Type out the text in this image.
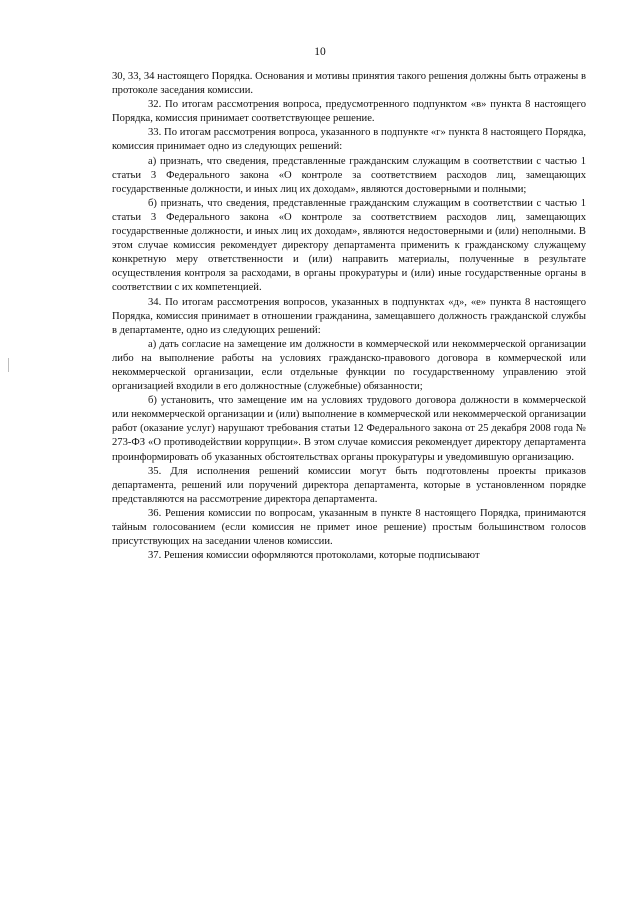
10

30, 33, 34 настоящего Порядка. Основания и мотивы принятия такого решения должны быть отражены в протоколе заседания комиссии.

32. По итогам рассмотрения вопроса, предусмотренного подпунктом «в» пункта 8 настоящего Порядка, комиссия принимает соответствующее решение.

33. По итогам рассмотрения вопроса, указанного в подпункте «г» пункта 8 настоящего Порядка, комиссия принимает одно из следующих решений:

а) признать, что сведения, представленные гражданским служащим в соответствии с частью 1 статьи 3 Федерального закона «О контроле за соответствием расходов лиц, замещающих государственные должности, и иных лиц их доходам», являются достоверными и полными;

б) признать, что сведения, представленные гражданским служащим в соответствии с частью 1 статьи 3 Федерального закона «О контроле за соответствием расходов лиц, замещающих государственные должности, и иных лиц их доходам», являются недостоверными и (или) неполными. В этом случае комиссия рекомендует директору департамента применить к гражданскому служащему конкретную меру ответственности и (или) направить материалы, полученные в результате осуществления контроля за расходами, в органы прокуратуры и (или) иные государственные органы в соответствии с их компетенцией.

34. По итогам рассмотрения вопросов, указанных в подпунктах «д», «е» пункта 8 настоящего Порядка, комиссия принимает в отношении гражданина, замещавшего должность гражданской службы в департаменте, одно из следующих решений:

а) дать согласие на замещение им должности в коммерческой или некоммерческой организации либо на выполнение работы на условиях гражданско-правового договора в коммерческой или некоммерческой организации, если отдельные функции по государственному управлению этой организацией входили в его должностные (служебные) обязанности;

б) установить, что замещение им на условиях трудового договора должности в коммерческой или некоммерческой организации и (или) выполнение в коммерческой или некоммерческой организации работ (оказание услуг) нарушают требования статьи 12 Федерального закона от 25 декабря 2008 года № 273-ФЗ «О противодействии коррупции». В этом случае комиссия рекомендует директору департамента проинформировать об указанных обстоятельствах органы прокуратуры и уведомившую организацию.

35. Для исполнения решений комиссии могут быть подготовлены проекты приказов департамента, решений или поручений директора департамента, которые в установленном порядке представляются на рассмотрение директора департамента.

36. Решения комиссии по вопросам, указанным в пункте 8 настоящего Порядка, принимаются тайным голосованием (если комиссия не примет иное решение) простым большинством голосов присутствующих на заседании членов комиссии.

37. Решения комиссии оформляются протоколами, которые подписывают
